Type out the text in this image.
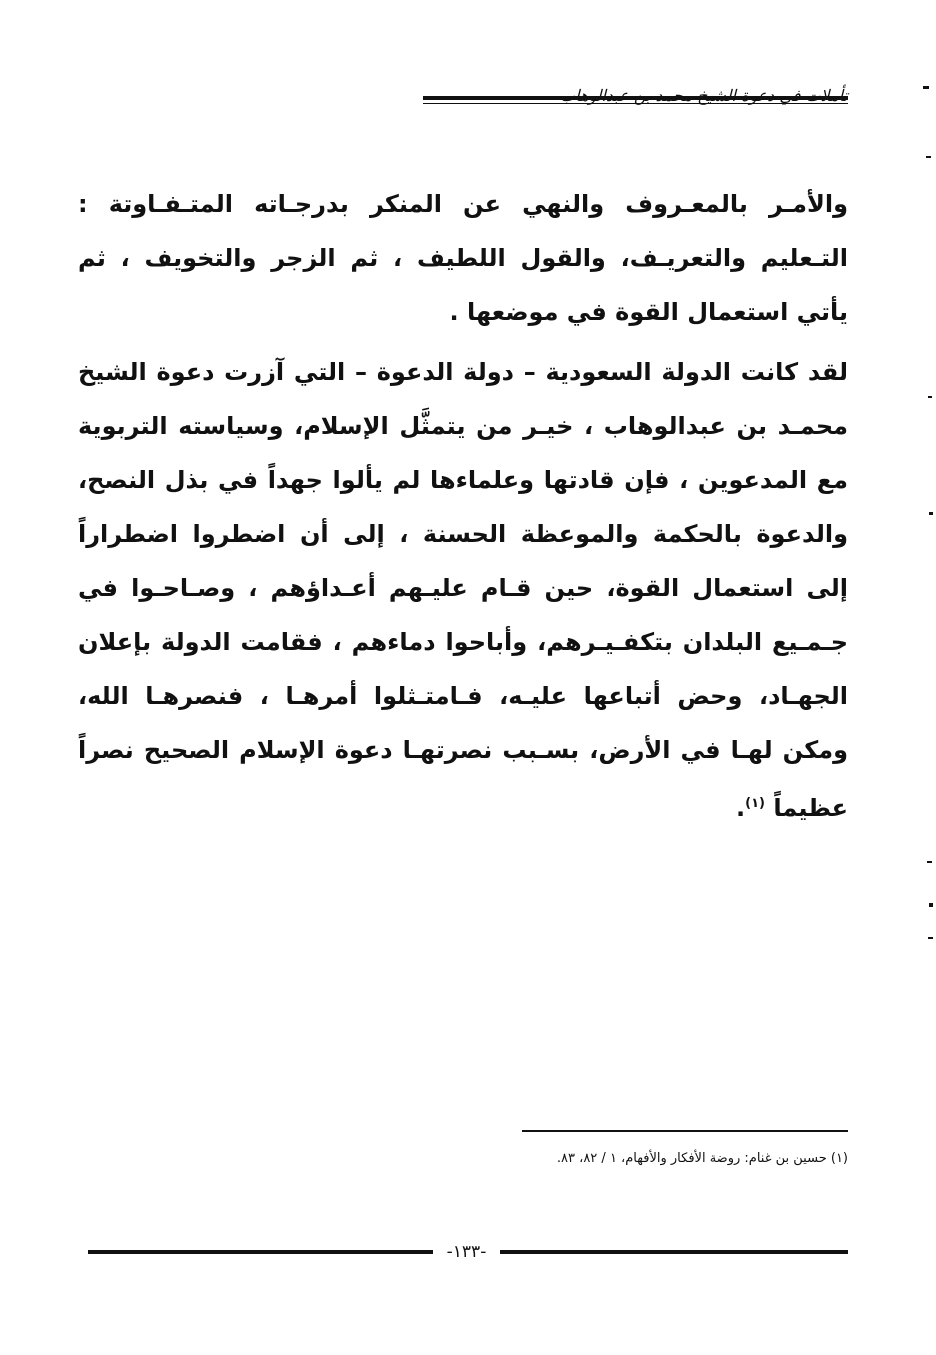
والأمـر بالمعـروف والنهي عن المنكر بدرجـاته المتـفـاوتة : التـعليم والتعريـف، والقول اللطيف ، ثم الزجر والتخويف ، ثم يأتي استعمال القوة في موضعها .

لقد كانت الدولة السعودية – دولة الدعوة – التي آزرت دعوة الشيخ محمـد بن عبدالوهاب ، خيـر من يتمثَّل الإسلام، وسياسته التربوية مع المدعوين ، فإن قادتها وعلماءها لم يألوا جهداً في بذل النصح، والدعوة بالحكمة والموعظة الحسنة ، إلى أن اضطروا اضطراراً إلى استعمال القوة، حين قـام عليـهم أعـداؤهم ، وصـاحـوا في جـمـيع البلدان بتكفـيـرهم، وأباحوا دماءهم ، فقامت الدولة بإعلان الجهـاد، وحض أتباعها عليـه، فـامتـثلوا أمرهـا ، فنصرهـا الله، ومكن لهـا في الأرض، بسـبب نصرتهـا دعوة الإسلام الصحيح نصراً عظيماً $^{(١)}$.

(١) حسين بن غنام: روضة الأفكار والأفهام، ١ / ٨٢، ٨٣.
-١٣٣-
